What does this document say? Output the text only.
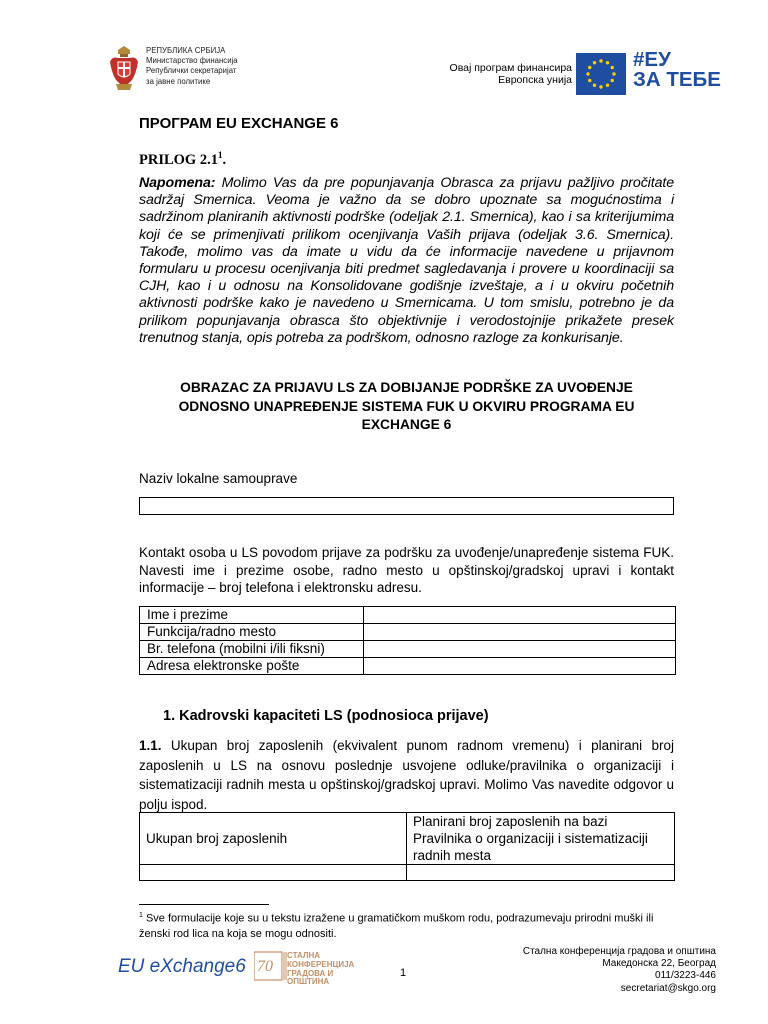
РЕПУБЛИКА СРБИЈА
Министарство финансија
Републички секретаријат
за јавне политике
Овај програм финансира
Европска унија
#ЕУ
ЗА ТЕБЕ
ПРОГРАМ EU EXCHANGE 6
PRILOG $2.1^1$.
Napomena: Molimo Vas da pre popunjavanja Obrasca za prijavu pažljivo pročitate sadržaj Smernica. Veoma je važno da se dobro upoznate sa mogućnostima i sadržinom planiranih aktivnosti podrške (odeljak 2.1. Smernica), kao i sa kriterijumima koji će se primenjivati prilikom ocenjivanja Vaših prijava (odeljak 3.6. Smernica). Takođe, molimo vas da imate u vidu da će informacije navedene u prijavnom formularu u procesu ocenjivanja biti predmet sagledavanja i provere u koordinaciji sa CJH, kao i u odnosu na Konsolidovane godišnje izveštaje, a i u okviru početnih aktivnosti podrške kako je navedeno u Smernicama. U tom smislu, potrebno je da prilikom popunjavanja obrasca što objektivnije i verodostojnije prikažete presek trenutnog stanja, opis potreba za podrškom, odnosno razloge za konkurisanje.
OBRAZAC ZA PRIJAVU LS ZA DOBIJANJE PODRŠKE ZA UVOĐENJE
ODNOSNO UNAPREĐENJE SISTEMA FUK U OKVIRU PROGRAMA EU
EXCHANGE 6
Naziv lokalne samouprave
Kontakt osoba u LS povodom prijave za podršku za uvođenje/unapređenje sistema FUK. Navesti ime i prezime osobe, radno mesto u opštinskoj/gradskoj upravi i kontakt informacije – broj telefona i elektronsku adresu.
Ime i prezime	
Funkcija/radno mesto	
Br. telefona (mobilni i/ili fiksni)	
Adresa elektronske pošte	
1. Kadrovski kapaciteti LS (podnosioca prijave)
1.1. Ukupan broj zaposlenih (ekvivalent punom radnom vremenu) i planirani broj zaposlenih u LS na osnovu poslednje usvojene odluke/pravilnika o organizaciji i sistematizaciji radnih mesta u opštinskoj/gradskoj upravi. Molimo Vas navedite odgovor u polju ispod.
Ukupan broj zaposlenih	Planirani broj zaposlenih na bazi Pravilnika o organizaciji i sistematizaciji radnih mesta

$^1$ Sve formulacije koje su u tekstu izražene u gramatičkom muškom rodu, podrazumevaju prirodni muški ili ženski rod lica na koja se mogu odnositi.
EU eXchange6 70
СТАЛНА
КОНФЕРЕНЦИЈА
ГРАДОВА И
ОПШТИНА
1
Стална конференција градова и општина
Македонска 22, Београд
011/3223-446
secretariat@skgo.org
